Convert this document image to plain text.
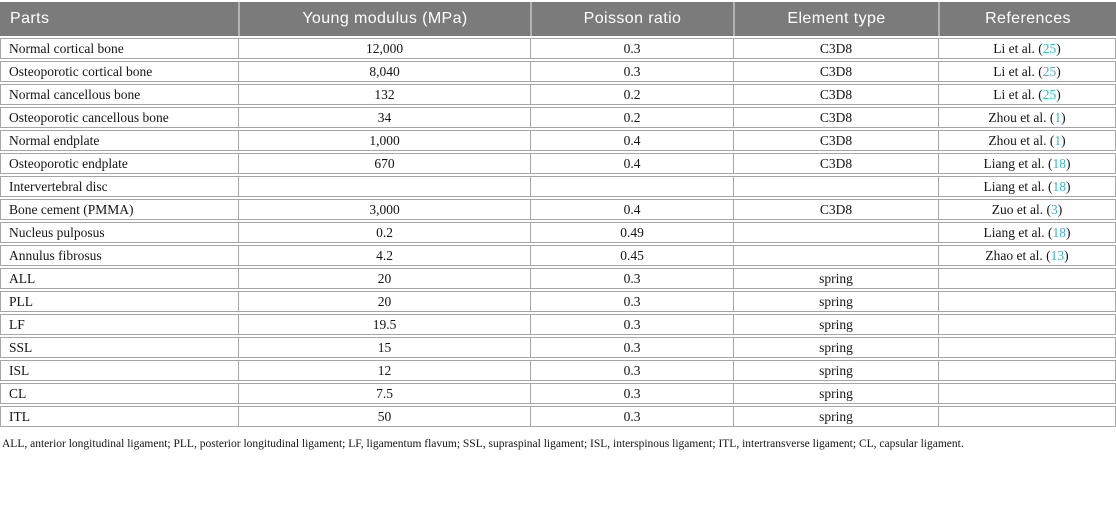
Parts	Young modulus (MPa)	Poisson ratio	Element type	References
Normal cortical bone	12,000	0.3	C3D8	Li et al. (25)
Osteoporotic cortical bone	8,040	0.3	C3D8	Li et al. (25)
Normal cancellous bone	132	0.2	C3D8	Li et al. (25)
Osteoporotic cancellous bone	34	0.2	C3D8	Zhou et al. (1)
Normal endplate	1,000	0.4	C3D8	Zhou et al. (1)
Osteoporotic endplate	670	0.4	C3D8	Liang et al. (18)
Intervertebral disc				Liang et al. (18)
Bone cement (PMMA)	3,000	0.4	C3D8	Zuo et al. (3)
Nucleus pulposus	0.2	0.49		Liang et al. (18)
Annulus fibrosus	4.2	0.45		Zhao et al. (13)
ALL	20	0.3	spring	
PLL	20	0.3	spring	
LF	19.5	0.3	spring	
SSL	15	0.3	spring	
ISL	12	0.3	spring	
CL	7.5	0.3	spring	
ITL	50	0.3	spring	

ALL, anterior longitudinal ligament; PLL, posterior longitudinal ligament; LF, ligamentum flavum; SSL, supraspinal ligament; ISL, interspinous ligament; ITL, intertransverse ligament; CL, capsular ligament.
